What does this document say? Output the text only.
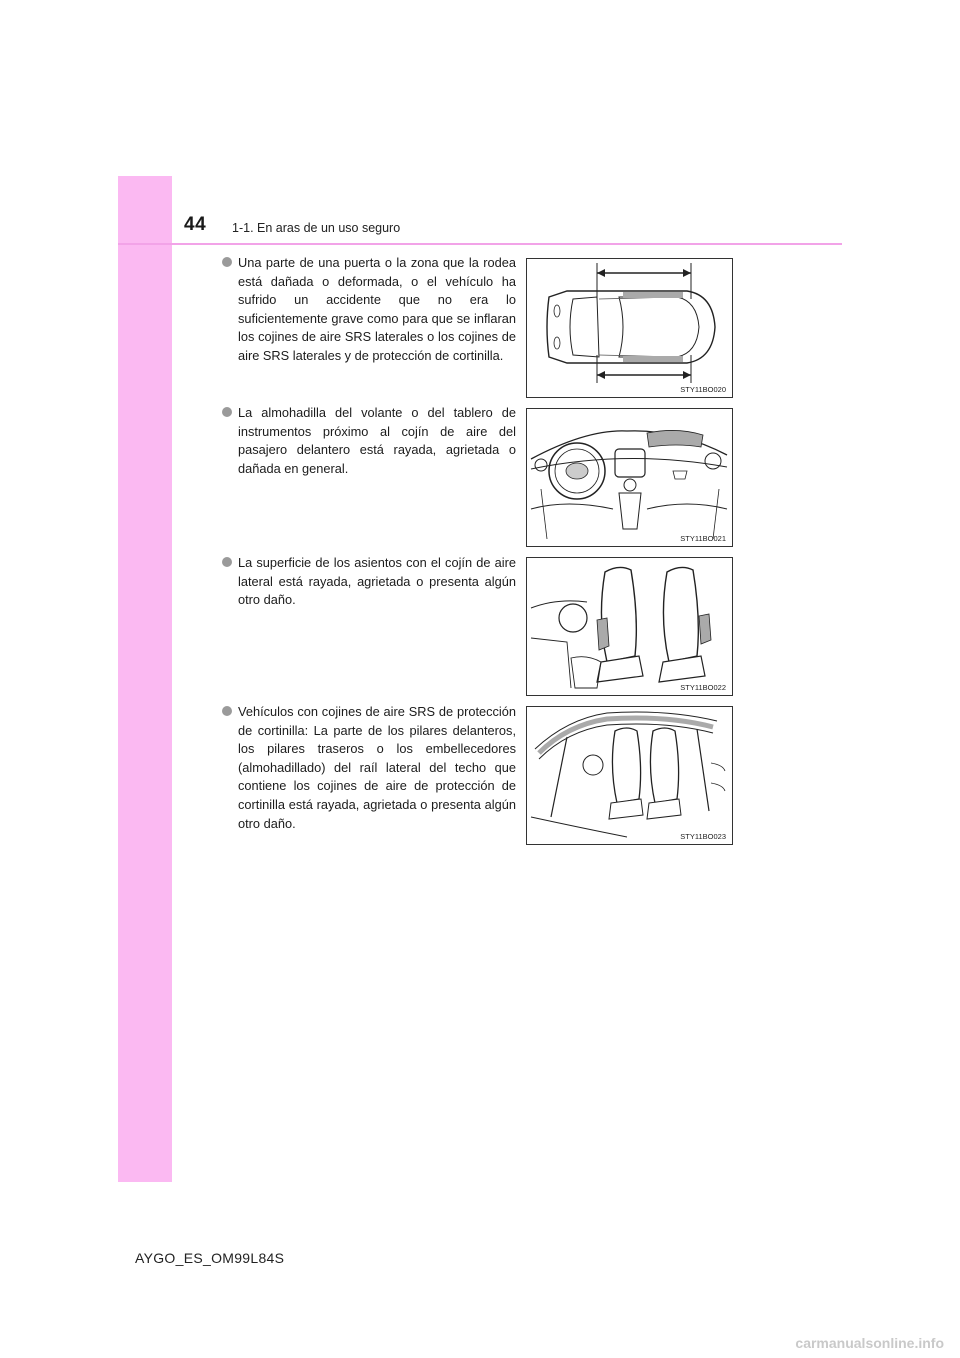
44 1-1. En aras de un uso seguro
Una parte de una puerta o la zona que la rodea está dañada o deformada, o el vehículo ha sufrido un accidente que no era lo suficientemente grave como para que se inflaran los cojines de aire SRS laterales o los cojines de aire SRS laterales y de protección de cortinilla.
STY11BO020
La almohadilla del volante o del tablero de instrumentos próximo al cojín de aire del pasajero delantero está rayada, agrietada o dañada en general.
STY11BO021
La superficie de los asientos con el cojín de aire lateral está rayada, agrietada o presenta algún otro daño.
STY11BO022
Vehículos con cojines de aire SRS de protección de cortinilla: La parte de los pilares delanteros, los pilares traseros o los embellecedores (almohadillado) del raíl lateral del techo que contiene los cojines de aire de protección de cortinilla está rayada, agrietada o presenta algún otro daño.
STY11BO023
AYGO_ES_OM99L84S
carmanualsonline.info
